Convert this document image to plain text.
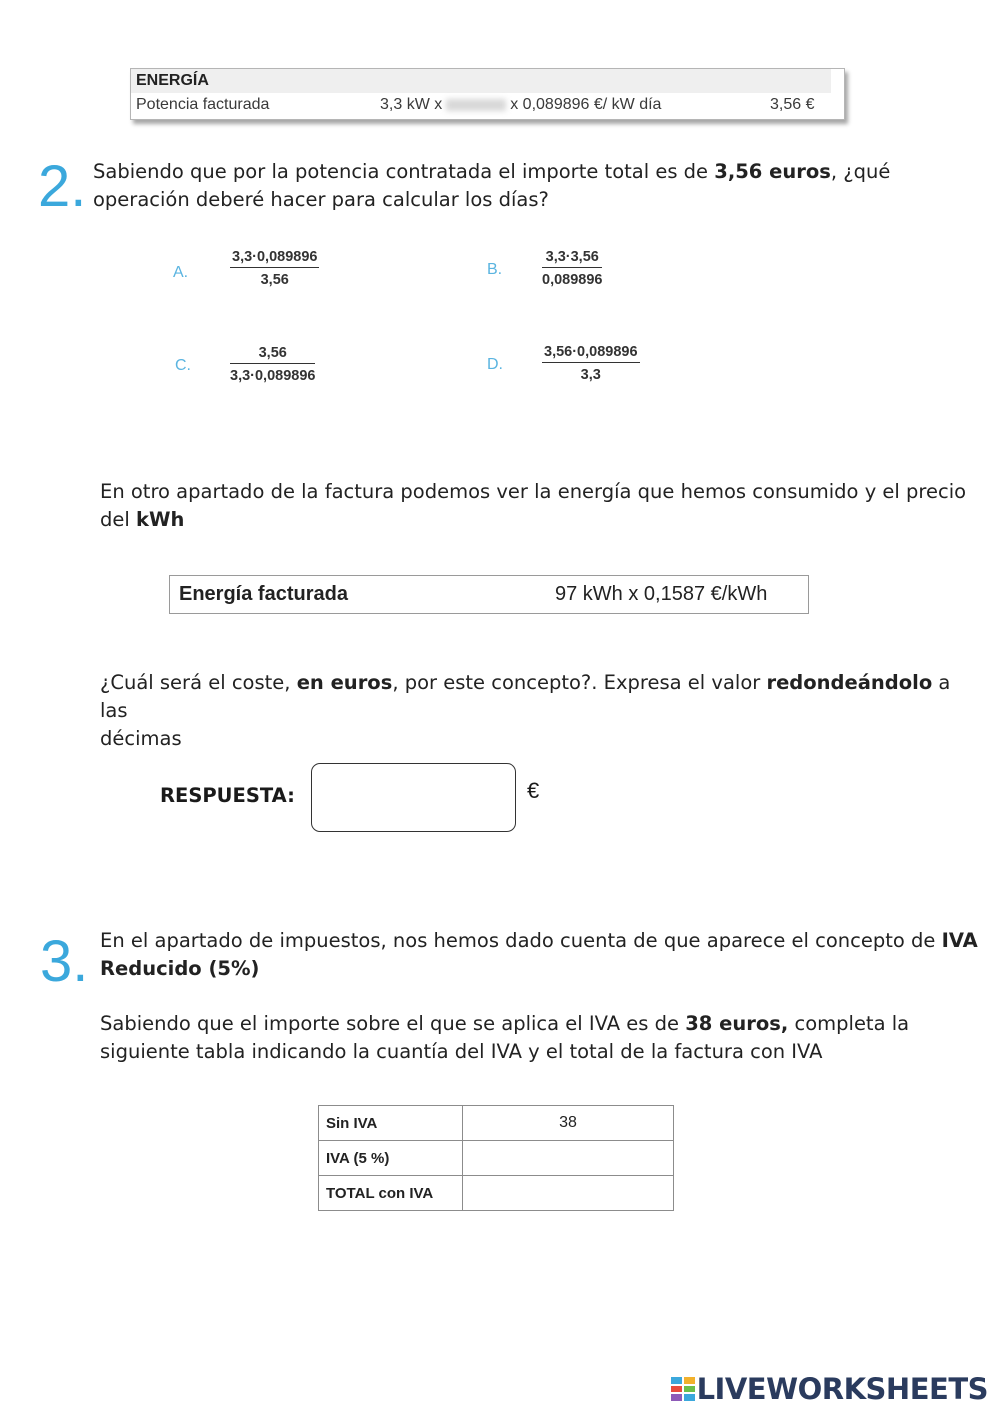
ENERGÍA
Potencia facturada	3,3 kW x	x 0,089896 €/ kW día	3,56 €
2. Sabiendo que por la potencia contratada el importe total es de 3,56 euros, ¿qué
operación deberé hacer para calcular los días?
A.	$\frac{3,3\cdot 0,089896}{3,56}$	B.	$\frac{3,3\cdot 3,56}{0,089896}$
C.	$\frac{3,56}{3,3\cdot 0,089896}$	D.	$\frac{3,56\cdot 0,089896}{3,3}$
En otro apartado de la factura podemos ver la energía que hemos consumido y el precio
del kWh
Energía facturada	97 kWh x 0,1587 €/kWh
¿Cuál será el coste, en euros, por este concepto?. Expresa el valor redondeándolo a las
décimas
RESPUESTA:	€
3. En el apartado de impuestos, nos hemos dado cuenta de que aparece el concepto de IVA
Reducido (5%)
Sabiendo que el importe sobre el que se aplica el IVA es de 38 euros, completa la
siguiente tabla indicando la cuantía del IVA y el total de la factura con IVA
Sin IVA	38
IVA (5 %)	
TOTAL con IVA	
LIVEWORKSHEETS
